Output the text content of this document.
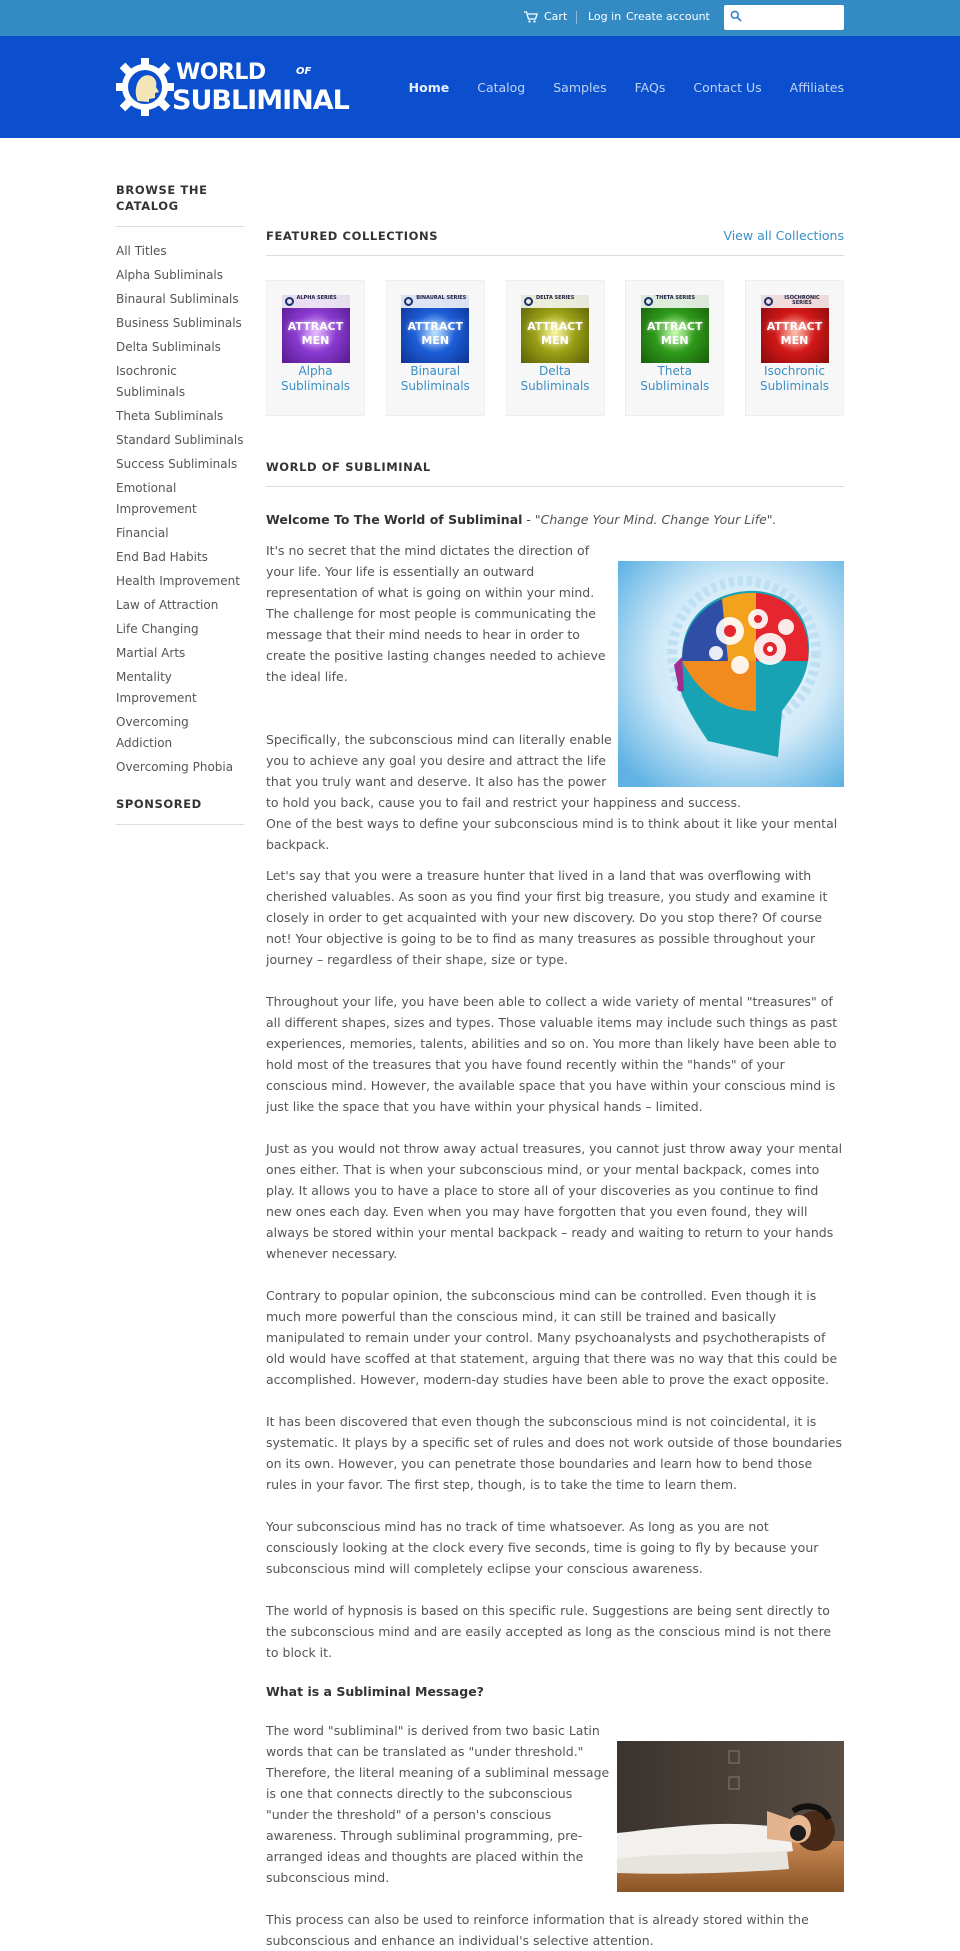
Cart Log in Create account
WORLD	OF
SUBLIMINAL	Home Catalog Samples FAQs Contact Us Affiliates
BROWSE THE CATALOG
All Titles
Alpha Subliminals
Binaural Subliminals
Business Subliminals
Delta Subliminals
Isochronic Subliminals
Theta Subliminals
Standard Subliminals
Success Subliminals
Emotional Improvement
Financial
End Bad Habits
Health Improvement
Law of Attraction
Life Changing
Martial Arts
Mentality Improvement
Overcoming Addiction
Overcoming Phobia
SPONSORED
FEATURED COLLECTIONS	View all Collections
ALPHA SERIES
ATTRACT
MEN
Alpha Subliminals
BINAURAL SERIES
ATTRACT
MEN
Binaural Subliminals
DELTA SERIES
ATTRACT
MEN
Delta Subliminals
THETA SERIES
ATTRACT
MEN
Theta Subliminals
ISOCHRONIC SERIES
ATTRACT
MEN
Isochronic Subliminals
WORLD OF SUBLIMINAL

Welcome To The World of Subliminal - "Change Your Mind. Change Your Life".

It's no secret that the mind dictates the direction of your life. Your life is essentially an outward representation of what is going on within your mind. The challenge for most people is communicating the message that their mind needs to hear in order to create the positive lasting changes needed to achieve the ideal life.

Specifically, the subconscious mind can literally enable you to achieve any goal you desire and attract the life that you truly want and deserve. It also has the power to hold you back, cause you to fail and restrict your happiness and success.

One of the best ways to define your subconscious mind is to think about it like your mental backpack.

Let's say that you were a treasure hunter that lived in a land that was overflowing with cherished valuables. As soon as you find your first big treasure, you study and examine it closely in order to get acquainted with your new discovery. Do you stop there? Of course not! Your objective is going to be to find as many treasures as possible throughout your journey – regardless of their shape, size or type.

Throughout your life, you have been able to collect a wide variety of mental "treasures" of all different shapes, sizes and types. Those valuable items may include such things as past experiences, memories, talents, abilities and so on. You more than likely have been able to hold most of the treasures that you have found recently within the "hands" of your conscious mind. However, the available space that you have within your conscious mind is just like the space that you have within your physical hands – limited.

Just as you would not throw away actual treasures, you cannot just throw away your mental ones either. That is when your subconscious mind, or your mental backpack, comes into play. It allows you to have a place to store all of your discoveries as you continue to find new ones each day. Even when you may have forgotten that you even found, they will always be stored within your mental backpack – ready and waiting to return to your hands whenever necessary.

Contrary to popular opinion, the subconscious mind can be controlled. Even though it is much more powerful than the conscious mind, it can still be trained and basically manipulated to remain under your control. Many psychoanalysts and psychotherapists of old would have scoffed at that statement, arguing that there was no way that this could be accomplished. However, modern-day studies have been able to prove the exact opposite.

It has been discovered that even though the subconscious mind is not coincidental, it is systematic. It plays by a specific set of rules and does not work outside of those boundaries on its own. However, you can penetrate those boundaries and learn how to bend those rules in your favor. The first step, though, is to take the time to learn them.

Your subconscious mind has no track of time whatsoever. As long as you are not consciously looking at the clock every five seconds, time is going to fly by because your subconscious mind will completely eclipse your conscious awareness.

The world of hypnosis is based on this specific rule. Suggestions are being sent directly to the subconscious mind and are easily accepted as long as the conscious mind is not there to block it.

What is a Subliminal Message?

The word "subliminal" is derived from two basic Latin words that can be translated as "under threshold." Therefore, the literal meaning of a subliminal message is one that connects directly to the subconscious "under the threshold" of a person's conscious awareness. Through subliminal programming, pre-arranged ideas and thoughts are placed within the subconscious mind.

This process can also be used to reinforce information that is already stored within the subconscious and enhance an individual's selective attention.
